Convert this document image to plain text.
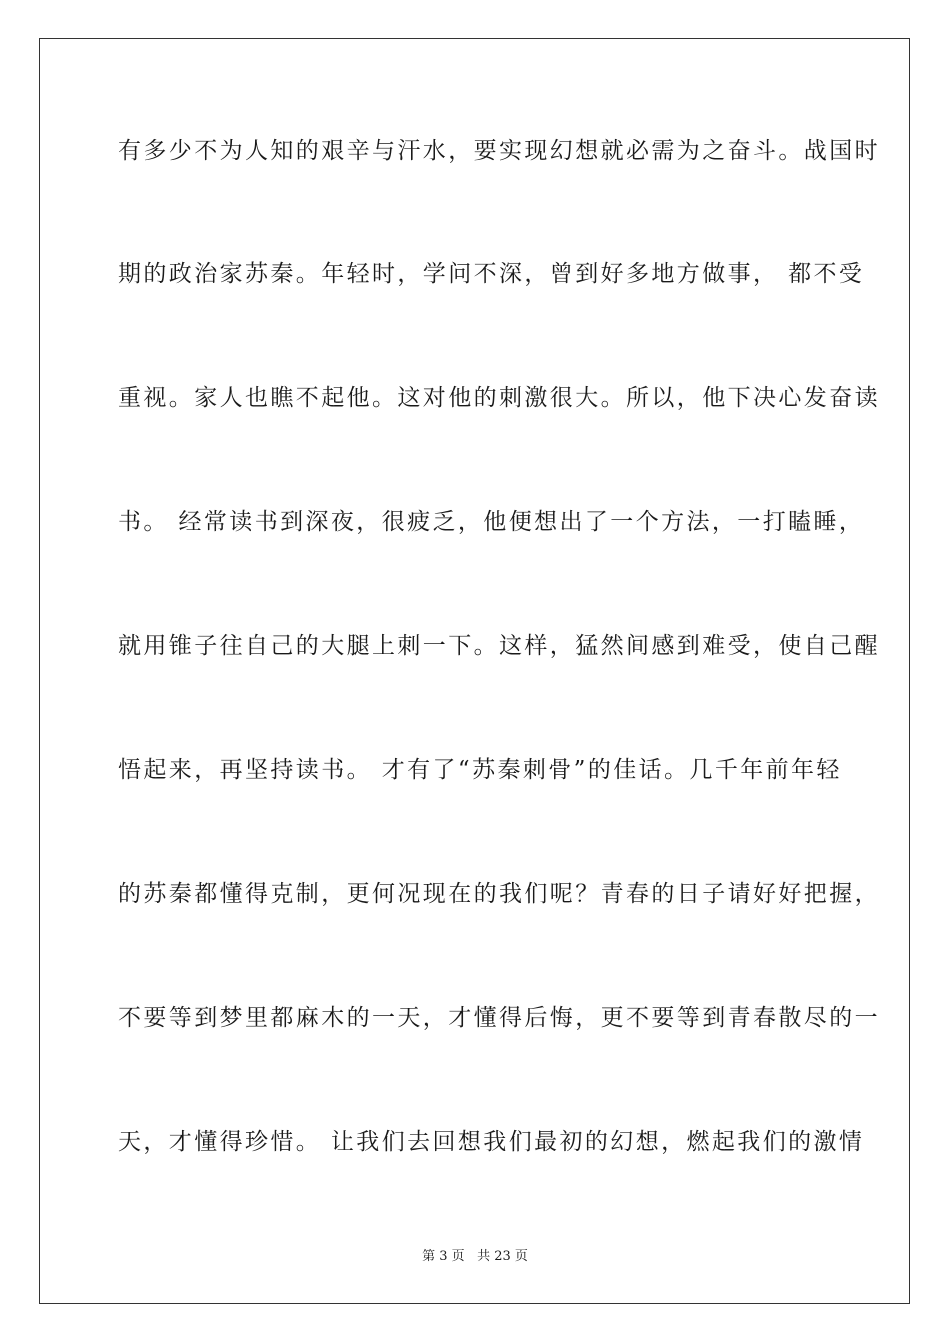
有多少不为人知的艰辛与汗水，要实现幻想就必需为之奋斗。战国时
期的政治家苏秦。年轻时，学问不深，曾到好多地方做事， 都不受
重视。家人也瞧不起他。这对他的刺激很大。所以，他下决心发奋读
书。 经常读书到深夜，很疲乏，他便想出了一个方法，一打瞌睡，
就用锥子往自己的大腿上刺一下。这样，猛然间感到难受，使自己醒
悟起来，再坚持读书。 才有了“苏秦刺骨”的佳话。几千年前年轻
的苏秦都懂得克制，更何况现在的我们呢？青春的日子请好好把握，
不要等到梦里都麻木的一天，才懂得后悔，更不要等到青春散尽的一
天，才懂得珍惜。 让我们去回想我们最初的幻想，燃起我们的激情
第 3 页 共 23 页
